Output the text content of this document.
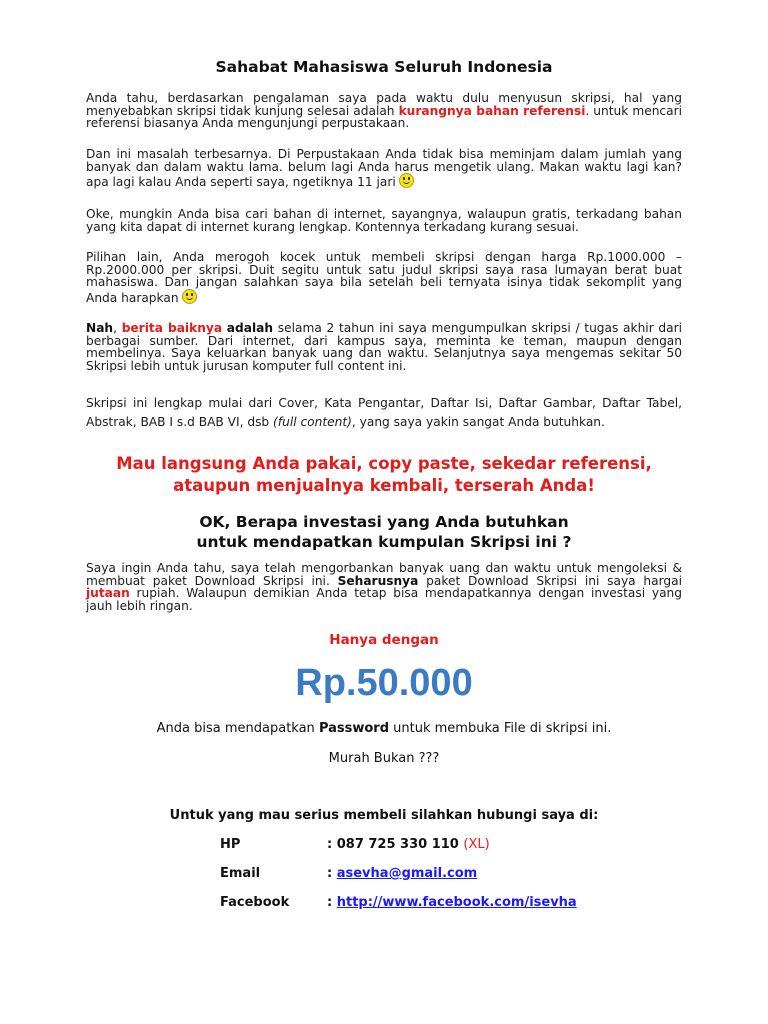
Sahabat Mahasiswa Seluruh Indonesia
Anda tahu, berdasarkan pengalaman saya pada waktu dulu menyusun skripsi, hal yang menyebabkan skripsi tidak kunjung selesai adalah kurangnya bahan referensi. untuk mencari referensi biasanya Anda mengunjungi perpustakaan.
Dan ini masalah terbesarnya. Di Perpustakaan Anda tidak bisa meminjam dalam jumlah yang banyak dan dalam waktu lama. belum lagi Anda harus mengetik ulang. Makan waktu lagi kan? apa lagi kalau Anda seperti saya, ngetiknya 11 jari
Oke, mungkin Anda bisa cari bahan di internet, sayangnya, walaupun gratis, terkadang bahan yang kita dapat di internet kurang lengkap. Kontennya terkadang kurang sesuai.
Pilihan lain, Anda merogoh kocek untuk membeli skripsi dengan harga Rp.1000.000 – Rp.2000.000 per skripsi. Duit segitu untuk satu judul skripsi saya rasa lumayan berat buat mahasiswa. Dan jangan salahkan saya bila setelah beli ternyata isinya tidak sekomplit yang Anda harapkan
Nah, berita baiknya adalah selama 2 tahun ini saya mengumpulkan skripsi / tugas akhir dari berbagai sumber. Dari internet, dari kampus saya, meminta ke teman, maupun dengan membelinya. Saya keluarkan banyak uang dan waktu. Selanjutnya saya mengemas sekitar 50 Skripsi lebih untuk jurusan komputer full content ini.
Skripsi ini lengkap mulai dari Cover, Kata Pengantar, Daftar Isi, Daftar Gambar, Daftar Tabel, Abstrak, BAB I s.d BAB VI, dsb (full content), yang saya yakin sangat Anda butuhkan.
Mau langsung Anda pakai, copy paste, sekedar referensi,
ataupun menjualnya kembali, terserah Anda!
OK, Berapa investasi yang Anda butuhkan
untuk mendapatkan kumpulan Skripsi ini ?
Saya ingin Anda tahu, saya telah mengorbankan banyak uang dan waktu untuk mengoleksi & membuat paket Download Skripsi ini. Seharusnya paket Download Skripsi ini saya hargai jutaan rupiah. Walaupun demikian Anda tetap bisa mendapatkannya dengan investasi yang jauh lebih ringan.
Hanya dengan
Rp.50.000
Anda bisa mendapatkan Password untuk membuka File di skripsi ini.
Murah Bukan ???
Untuk yang mau serius membeli silahkan hubungi saya di:
HP	: 087 725 330 110 (XL)
Email	: asevha@gmail.com
Facebook	: http://www.facebook.com/isevha
